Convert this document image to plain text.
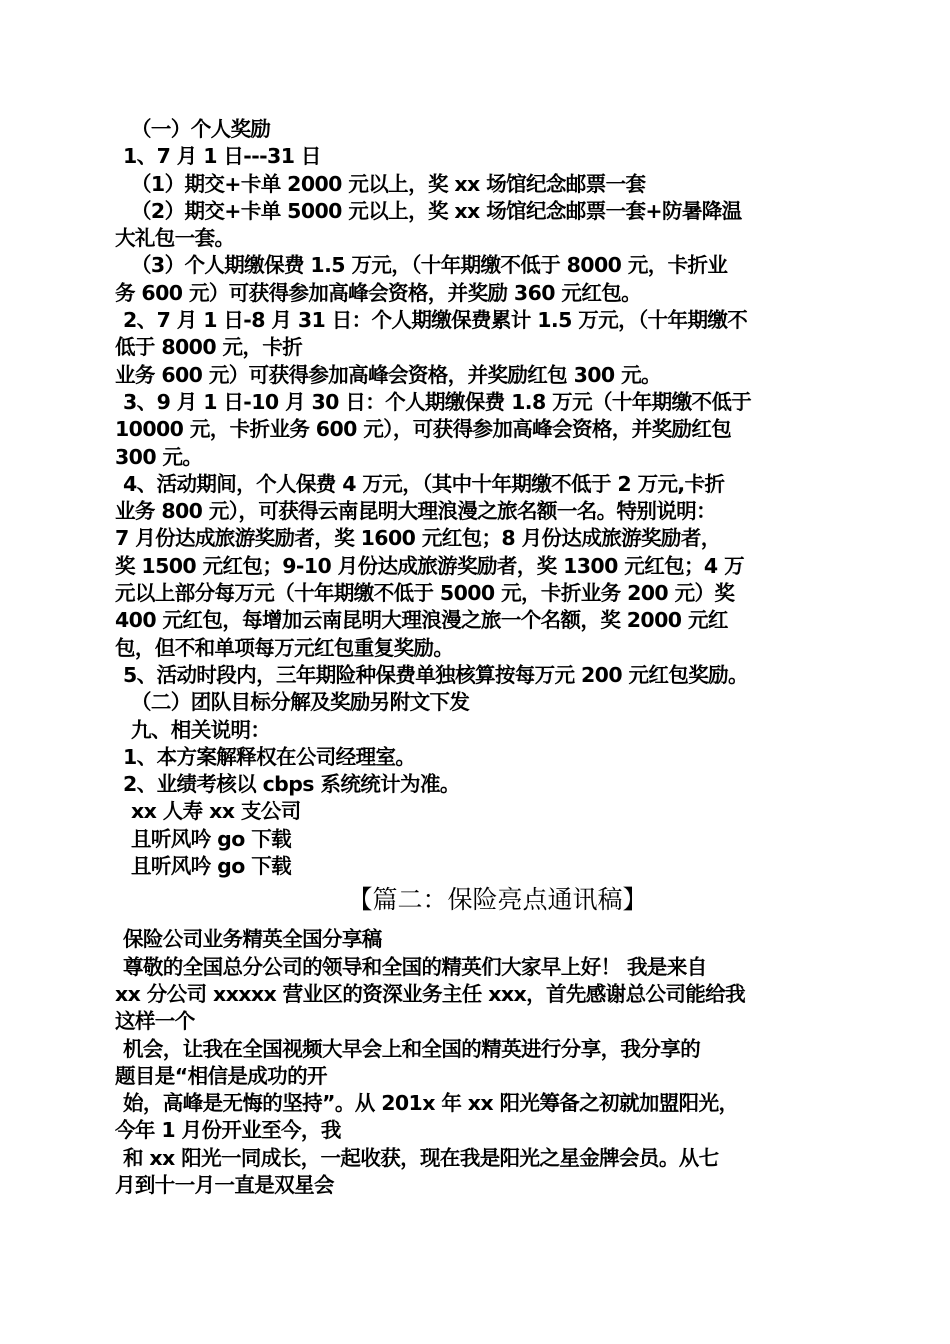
（一）个人奖励
1、7 月 1 日---31 日
（1）期交+卡单 2000 元以上，奖 xx 场馆纪念邮票一套
（2）期交+卡单 5000 元以上，奖 xx 场馆纪念邮票一套+防暑降温
大礼包一套。
（3）个人期缴保费 1.5 万元，（十年期缴不低于 8000 元，卡折业
务 600 元）可获得参加高峰会资格，并奖励 360 元红包。
2、7 月 1 日-8 月 31 日：个人期缴保费累计 1.5 万元，（十年期缴不
低于 8000 元，卡折
业务 600 元）可获得参加高峰会资格，并奖励红包 300 元。
3、9 月 1 日-10 月 30 日：个人期缴保费 1.8 万元（十年期缴不低于
10000 元，卡折业务 600 元），可获得参加高峰会资格，并奖励红包
300 元。
4、活动期间，个人保费 4 万元，（其中十年期缴不低于 2 万元,卡折
业务 800 元），可获得云南昆明大理浪漫之旅名额一名。特别说明：
7 月份达成旅游奖励者，奖 1600 元红包；8 月份达成旅游奖励者，
奖 1500 元红包；9-10 月份达成旅游奖励者，奖 1300 元红包；4 万
元以上部分每万元（十年期缴不低于 5000 元，卡折业务 200 元）奖
400 元红包，每增加云南昆明大理浪漫之旅一个名额，奖 2000 元红
包，但不和单项每万元红包重复奖励。
5、活动时段内，三年期险种保费单独核算按每万元 200 元红包奖励。
（二）团队目标分解及奖励另附文下发
九、相关说明：
1、本方案解释权在公司经理室。
2、业绩考核以 cbps 系统统计为准。
xx 人寿 xx 支公司
且听风吟 go 下载
且听风吟 go 下载
【篇二：保险亮点通讯稿】
保险公司业务精英全国分享稿
尊敬的全国总分公司的领导和全国的精英们大家早上好！ 我是来自
xx 分公司 xxxxx 营业区的资深业务主任 xxx，首先感谢总公司能给我
这样一个
机会，让我在全国视频大早会上和全国的精英进行分享，我分享的
题目是“相信是成功的开
始，高峰是无悔的坚持”。从 201x 年 xx 阳光筹备之初就加盟阳光，
今年 1 月份开业至今，我
和 xx 阳光一同成长，一起收获，现在我是阳光之星金牌会员。从七
月到十一月一直是双星会
